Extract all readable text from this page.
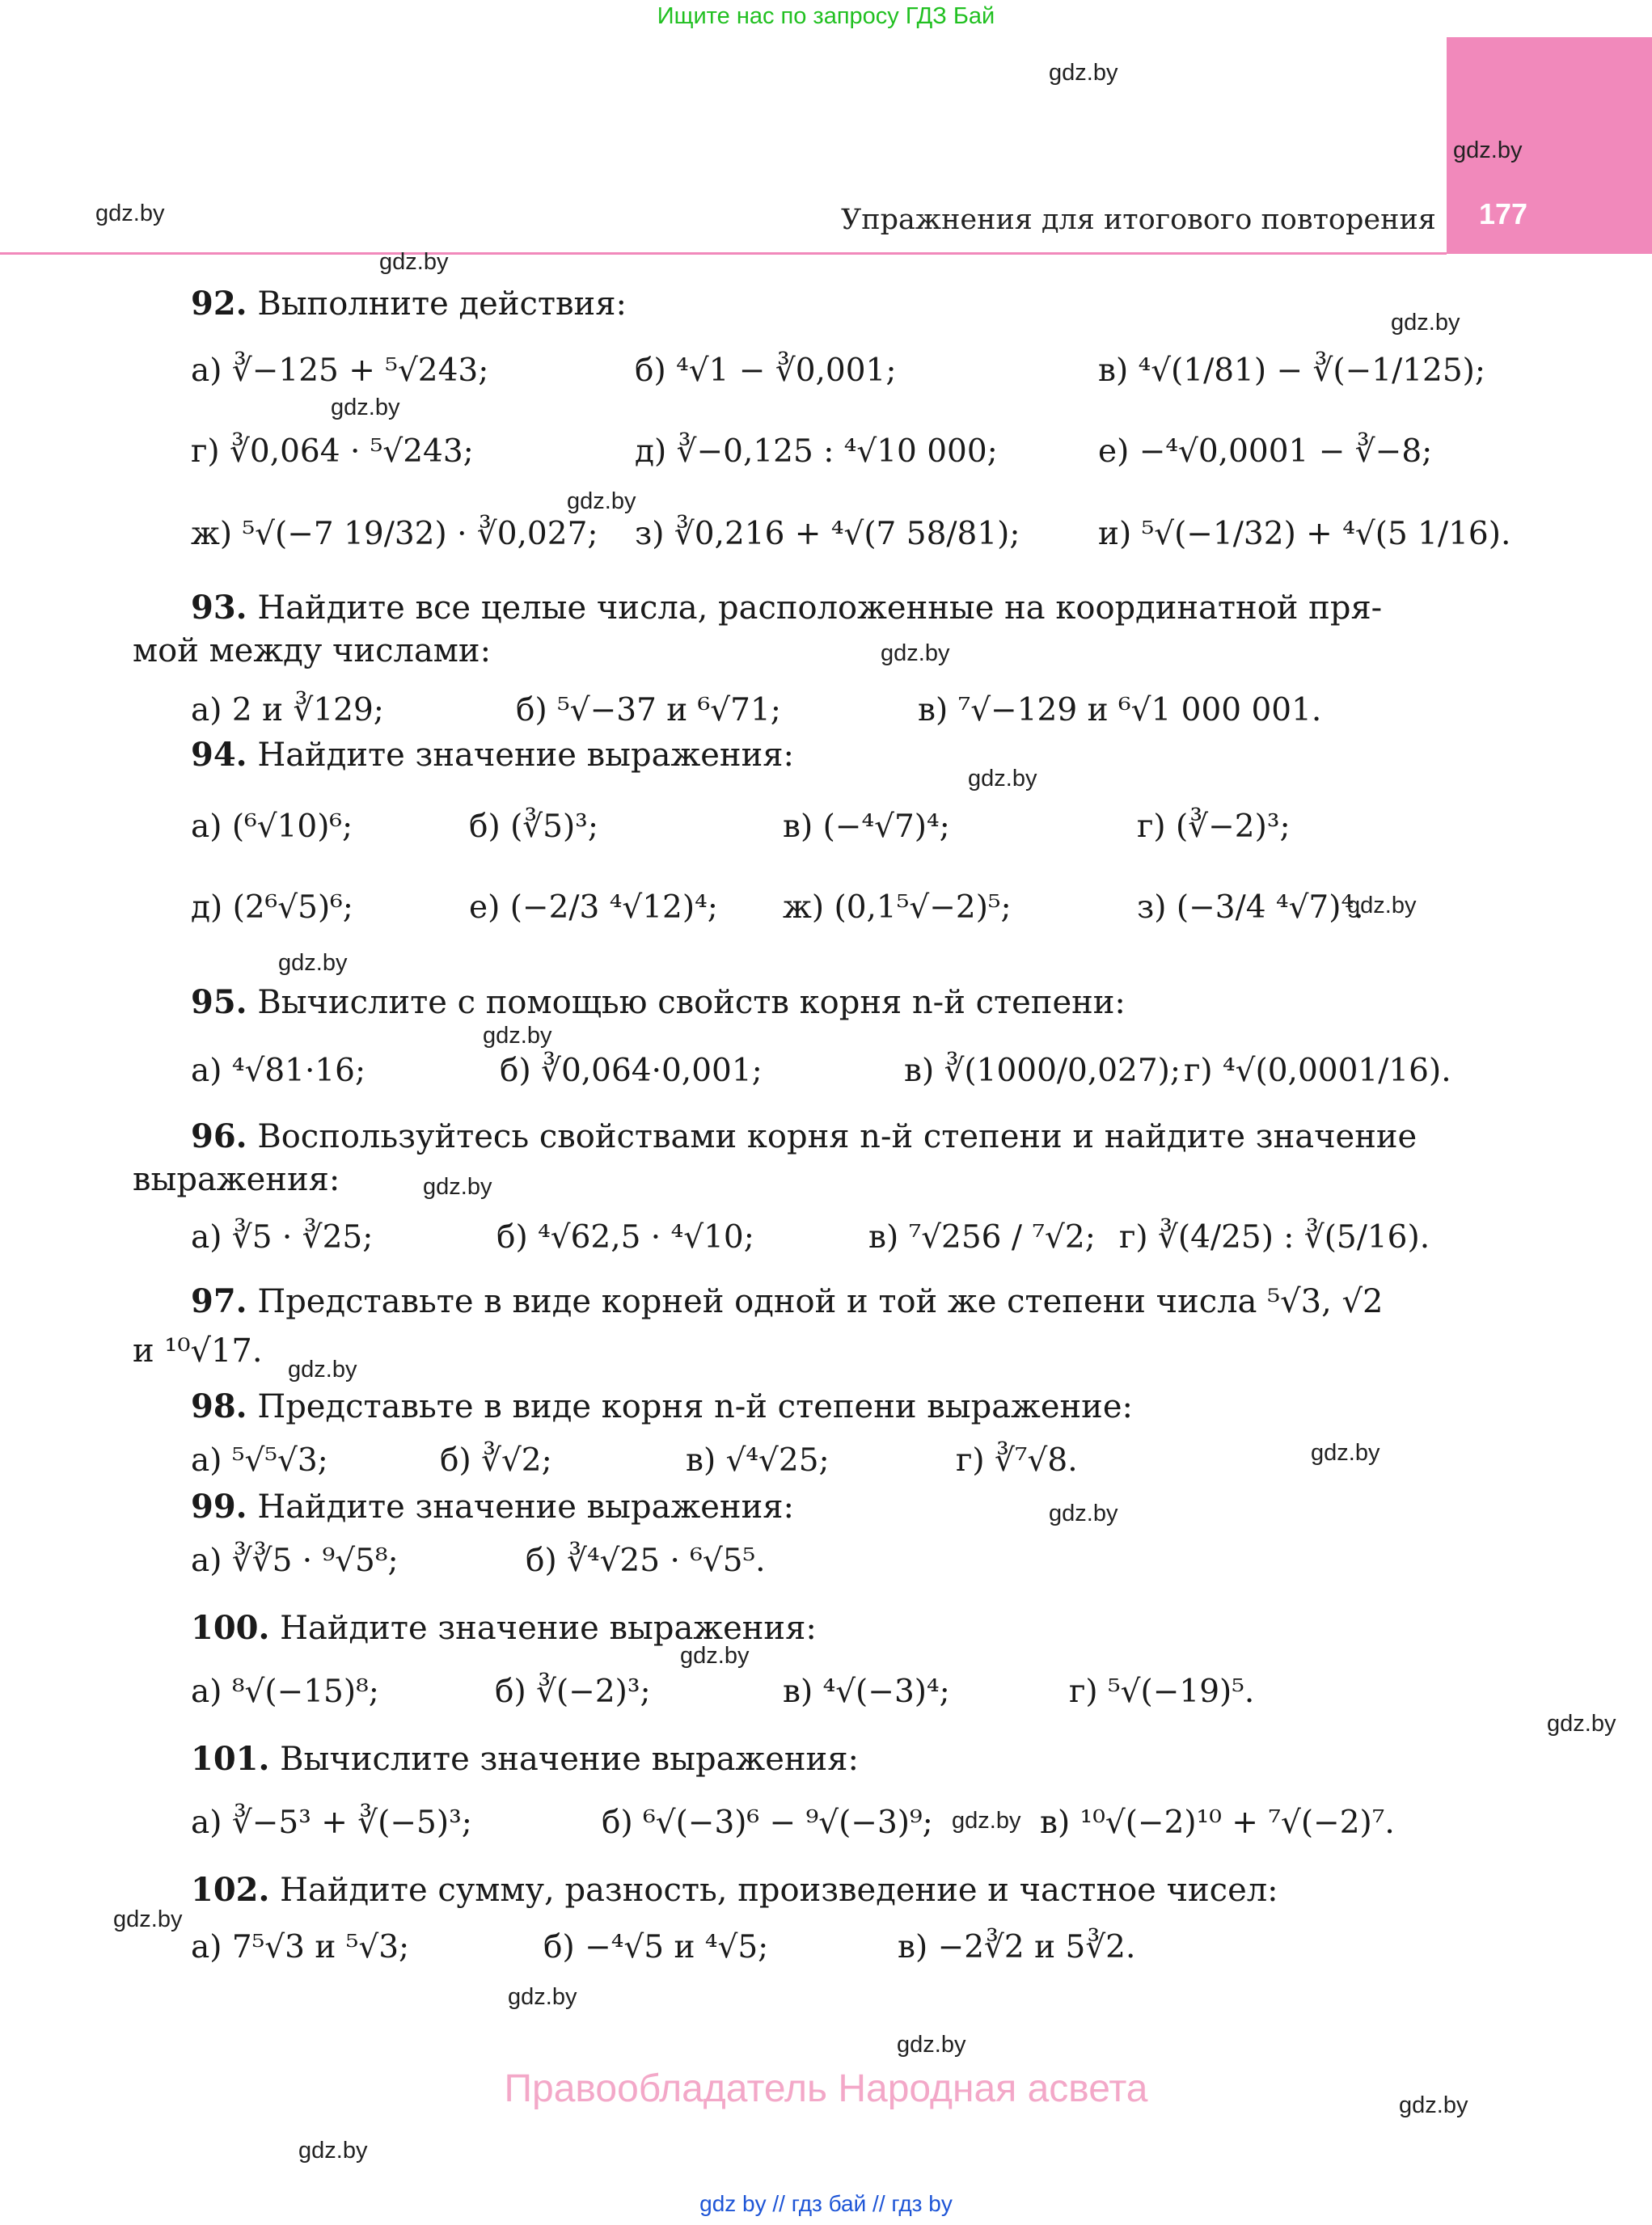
Ищите нас по запросу ГДЗ Бай
177
Упражнения для итогового повторения
gdz.by
gdz.by
gdz.by
gdz.by
gdz.by
gdz.by
gdz.by
gdz.by
gdz.by
gdz.by
gdz.by
gdz.by
gdz.by
gdz.by
gdz.by
gdz.by
gdz.by
gdz.by
gdz.by
gdz.by
gdz.by
gdz.by
gdz.by
gdz.by
92. Выполните действия:
а) ∛−125 + ⁵√243;	б) ⁴√1 − ∛0,001;	в) ⁴√(1/81) − ∛(−1/125);
г) ∛0,064 · ⁵√243;	д) ∛−0,125 : ⁴√10 000;	е) −⁴√0,0001 − ∛−8;
ж) ⁵√(−7 19/32) · ∛0,027; з) ∛0,216 + ⁴√(7 58/81); и) ⁵√(−1/32) + ⁴√(5 1/16).
93. Найдите все целые числа, расположенные на координатной пря-
мой между числами:
а) 2 и ∛129;	б) ⁵√−37 и ⁶√71;	в) ⁷√−129 и ⁶√1 000 001.
94. Найдите значение выражения:
а) (⁶√10)⁶;	б) (∛5)³;	в) (−⁴√7)⁴;	г) (∛−2)³;
д) (2⁶√5)⁶;	е) (−2/3 ⁴√12)⁴; ж) (0,1⁵√−2)⁵;	з) (−3/4 ⁴√7)⁴.
95. Вычислите с помощью свойств корня n-й степени:
а) ⁴√81·16;	б) ∛0,064·0,001;	в) ∛(1000/0,027); г) ⁴√(0,0001/16).
96. Воспользуйтесь свойствами корня n-й степени и найдите значение
выражения:
а) ∛5 · ∛25;	б) ⁴√62,5 · ⁴√10;	в) ⁷√256 / ⁷√2; г) ∛(4/25) : ∛(5/16).
97. Представьте в виде корней одной и той же степени числа ⁵√3, √2
и ¹⁰√17.
98. Представьте в виде корня n-й степени выражение:
а) ⁵√⁵√3;	б) ∛√2;	в) √⁴√25;	г) ∛⁷√8.
99. Найдите значение выражения:
а) ∛∛5 · ⁹√5⁸;	б) ∛⁴√25 · ⁶√5⁵.
100. Найдите значение выражения:
а) ⁸√(−15)⁸;	б) ∛(−2)³;	в) ⁴√(−3)⁴;	г) ⁵√(−19)⁵.
101. Вычислите значение выражения:
а) ∛−5³ + ∛(−5)³;	б) ⁶√(−3)⁶ − ⁹√(−3)⁹;	в) ¹⁰√(−2)¹⁰ + ⁷√(−2)⁷.
102. Найдите сумму, разность, произведение и частное чисел:
а) 7⁵√3 и ⁵√3;	б) −⁴√5 и ⁴√5;	в) −2∛2 и 5∛2.
Правообладатель Народная асвета
gdz by // гдз бай // гдз by
